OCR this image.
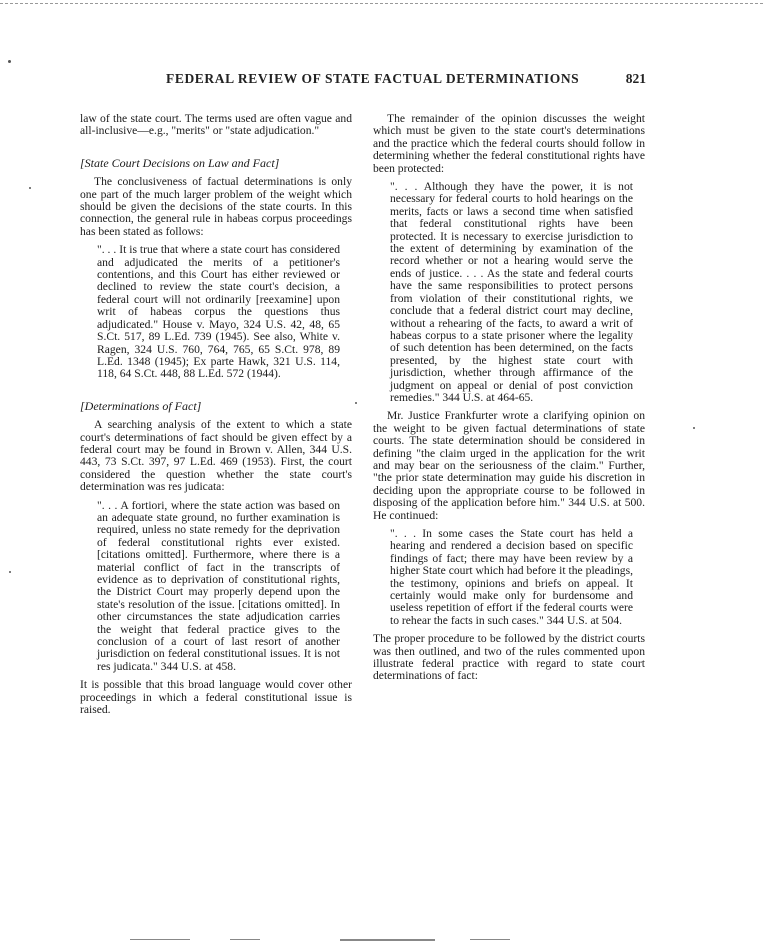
FEDERAL REVIEW OF STATE FACTUAL DETERMINATIONS	821

law of the state court. The terms used are often vague and all-inclusive—e.g., "merits" or "state adjudication."

[State Court Decisions on Law and Fact]

The conclusiveness of factual determinations is only one part of the much larger problem of the weight which should be given the decisions of the state courts. In this connection, the general rule in habeas corpus proceedings has been stated as follows:

". . . It is true that where a state court has considered and adjudicated the merits of a petitioner's contentions, and this Court has either reviewed or declined to review the state court's decision, a federal court will not ordinarily [reexamine] upon writ of habeas corpus the questions thus adjudicated." House v. Mayo, 324 U.S. 42, 48, 65 S.Ct. 517, 89 L.Ed. 739 (1945). See also, White v. Ragen, 324 U.S. 760, 764, 765, 65 S.Ct. 978, 89 L.Ed. 1348 (1945); Ex parte Hawk, 321 U.S. 114, 118, 64 S.Ct. 448, 88 L.Ed. 572 (1944).

[Determinations of Fact]

A searching analysis of the extent to which a state court's determinations of fact should be given effect by a federal court may be found in Brown v. Allen, 344 U.S. 443, 73 S.Ct. 397, 97 L.Ed. 469 (1953). First, the court considered the question whether the state court's determination was res judicata:

". . . A fortiori, where the state action was based on an adequate state ground, no further examination is required, unless no state remedy for the deprivation of federal constitutional rights ever existed. [citations omitted]. Furthermore, where there is a material conflict of fact in the transcripts of evidence as to deprivation of constitutional rights, the District Court may properly depend upon the state's resolution of the issue. [citations omitted]. In other circumstances the state adjudication carries the weight that federal practice gives to the conclusion of a court of last resort of another jurisdiction on federal constitutional issues. It is not res judicata." 344 U.S. at 458.

It is possible that this broad language would cover other proceedings in which a federal constitutional issue is raised.

The remainder of the opinion discusses the weight which must be given to the state court's determinations and the practice which the federal courts should follow in determining whether the federal constitutional rights have been protected:

". . . Although they have the power, it is not necessary for federal courts to hold hearings on the merits, facts or laws a second time when satisfied that federal constitutional rights have been protected. It is necessary to exercise jurisdiction to the extent of determining by examination of the record whether or not a hearing would serve the ends of justice. . . . As the state and federal courts have the same responsibilities to protect persons from violation of their constitutional rights, we conclude that a federal district court may decline, without a rehearing of the facts, to award a writ of habeas corpus to a state prisoner where the legality of such detention has been determined, on the facts presented, by the highest state court with jurisdiction, whether through affirmance of the judgment on appeal or denial of post conviction remedies." 344 U.S. at 464-65.

Mr. Justice Frankfurter wrote a clarifying opinion on the weight to be given factual determinations of state courts. The state determination should be considered in defining "the claim urged in the application for the writ and may bear on the seriousness of the claim." Further, "the prior state determination may guide his discretion in deciding upon the appropriate course to be followed in disposing of the application before him." 344 U.S. at 500. He continued:

". . . In some cases the State court has held a hearing and rendered a decision based on specific findings of fact; there may have been review by a higher State court which had before it the pleadings, the testimony, opinions and briefs on appeal. It certainly would make only for burdensome and useless repetition of effort if the federal courts were to rehear the facts in such cases." 344 U.S. at 504.

The proper procedure to be followed by the district courts was then outlined, and two of the rules commented upon illustrate federal practice with regard to state court determinations of fact:
